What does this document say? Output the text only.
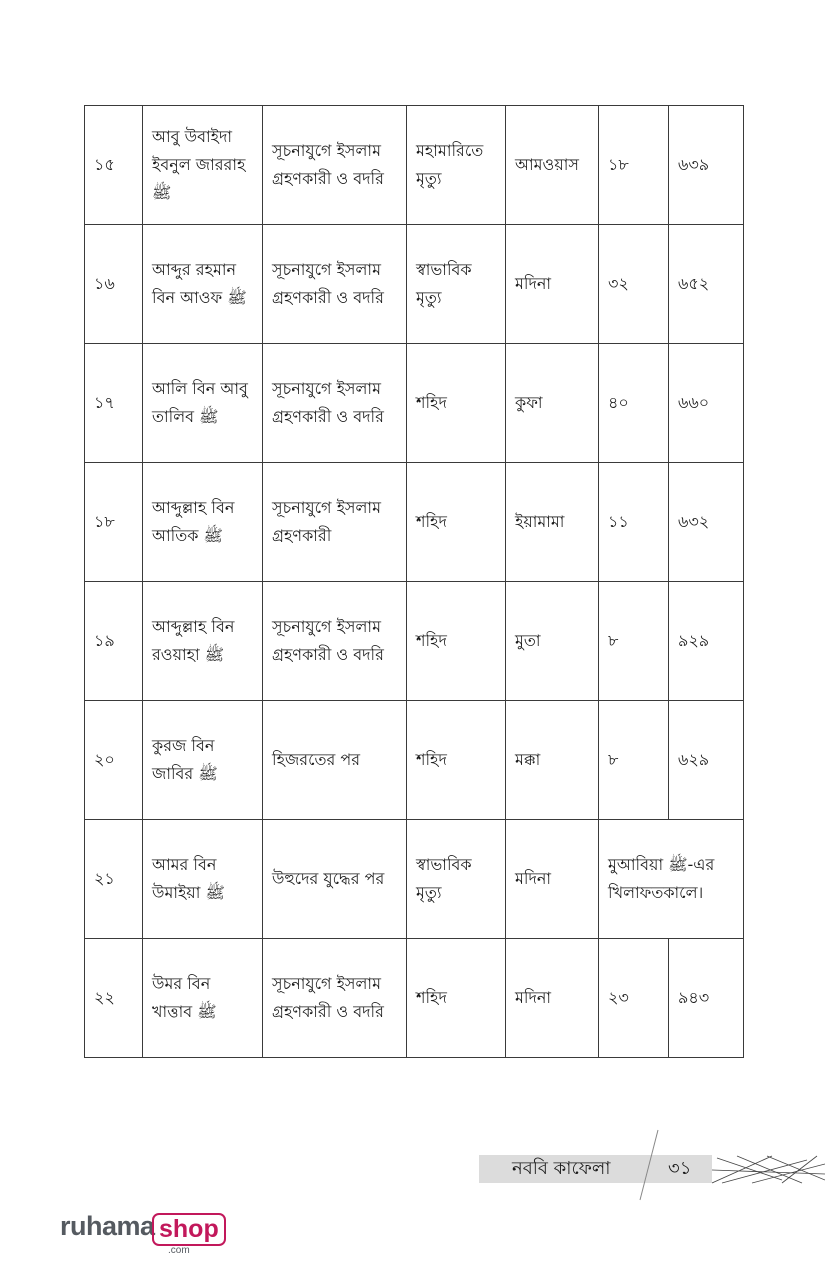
১৫	আবু উবাইদা ইবনুল জাররাহ ﷺ	সূচনাযুগে ইসলাম গ্রহণকারী ও বদরি	মহামারিতে মৃত্যু	আমওয়াস	১৮	৬৩৯
১৬	আব্দুর রহমান বিন আওফ ﷺ	সূচনাযুগে ইসলাম গ্রহণকারী ও বদরি	স্বাভাবিক মৃত্যু	মদিনা	৩২	৬৫২
১৭	আলি বিন আবু তালিব ﷺ	সূচনাযুগে ইসলাম গ্রহণকারী ও বদরি	শহিদ	কুফা	৪০	৬৬০
১৮	আব্দুল্লাহ বিন আতিক ﷺ	সূচনাযুগে ইসলাম গ্রহণকারী	শহিদ	ইয়ামামা	১১	৬৩২
১৯	আব্দুল্লাহ বিন রওয়াহা ﷺ	সূচনাযুগে ইসলাম গ্রহণকারী ও বদরি	শহিদ	মুতা	৮	৯২৯
২০	কুরজ বিন জাবির ﷺ	হিজরতের পর	শহিদ	মক্কা	৮	৬২৯
২১	আমর বিন উমাইয়া ﷺ	উহুদের যুদ্ধের পর	স্বাভাবিক মৃত্যু	মদিনা	মুআবিয়া ﷺ-এর খিলাফতকালে।	
২২	উমর বিন খাত্তাব ﷺ	সূচনাযুগে ইসলাম গ্রহণকারী ও বদরি	শহিদ	মদিনা	২৩	৯৪৩
নববি কাফেলা	৩১
ruhama shop
.com
